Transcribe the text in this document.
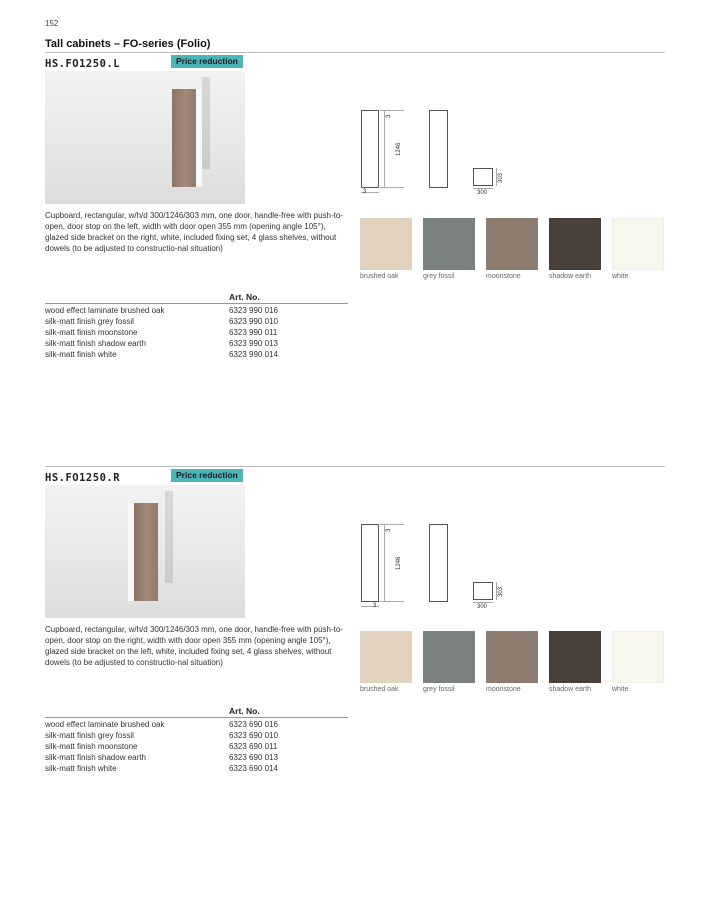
152
Tall cabinets – FO-series (Folio)
HS.FO1250.L	Price reduction
Cupboard, rectangular, w/h/d 300/1246/303 mm, one door, handle-free with push-to-open, door stop on the left, width with door open 355 mm (opening angle 105°), glazed side bracket on the right, white, included fixing set, 4 glass shelves, without dowels (to be adjusted to constructio-nal situation)
3
1246
3
303
300
brushed oak	grey fossil	moonstone	shadow earth	white
Art. No.
wood effect laminate brushed oak	6323 990 016
silk-matt finish grey fossil	6323 990 010
silk-matt finish moonstone	6323 990 011
silk-matt finish shadow earth	6323 990 013
silk-matt finish white	6323 990 014
HS.FO1250.R	Price reduction
Cupboard, rectangular, w/h/d 300/1246/303 mm, one door, handle-free with push-to-open, door stop on the right, width with door open 355 mm (opening angle 105°), glazed side bracket on the left, white, included fixing set, 4 glass shelves, without dowels (to be adjusted to constructio-nal situation)
3
1246
3
303
300
brushed oak	grey fossil	moonstone	shadow earth	white
Art. No.
wood effect laminate brushed oak	6323 690 016
silk-matt finish grey fossil	6323 690 010
silk-matt finish moonstone	6323 690 011
silk-matt finish shadow earth	6323 690 013
silk-matt finish white	6323 690 014
